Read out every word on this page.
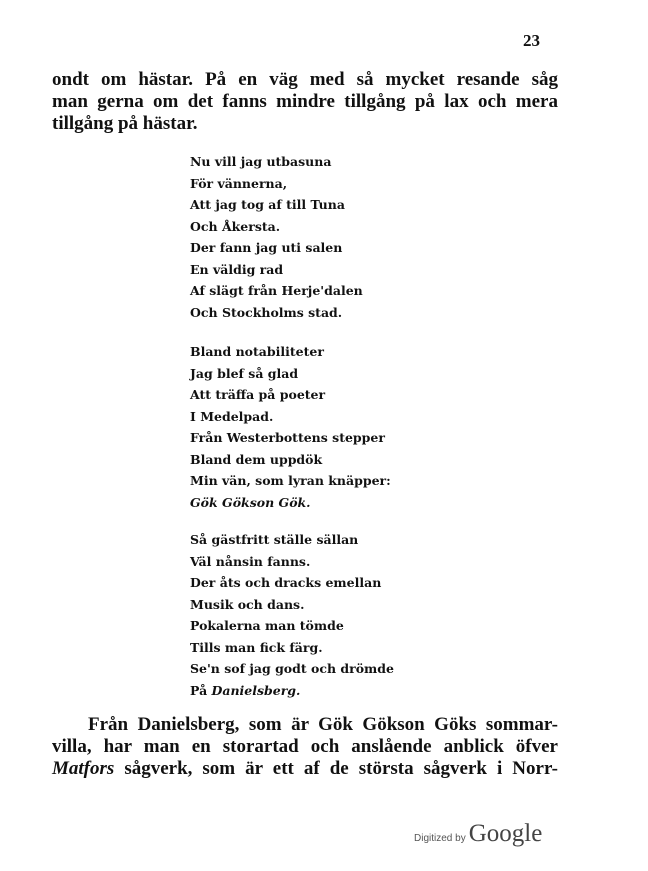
23
ondt om hästar. På en väg med så mycket resande såg
man gerna om det fanns mindre tillgång på lax och mera
tillgång på hästar.
Nu vill jag utbasuna
För vännerna,
Att jag tog af till Tuna
Och Åkersta.
Der fann jag uti salen
En väldig rad
Af slägt från Herje'dalen
Och Stockholms stad.
Bland notabiliteter
Jag blef så glad
Att träffa på poeter
I Medelpad.
Från Westerbottens stepper
Bland dem uppdök
Min vän, som lyran knäpper:
Gök Gökson Gök.
Så gästfritt ställe sällan
Väl nånsin fanns.
Der åts och dracks emellan
Musik och dans.
Pokalerna man tömde
Tills man fick färg.
Se'n sof jag godt och drömde
På Danielsberg.
Från Danielsberg, som är Gök Gökson Göks sommar-
villa, har man en storartad och anslående anblick öfver
Matfors sågverk, som är ett af de största sågverk i Norr-
Digitized by Google
